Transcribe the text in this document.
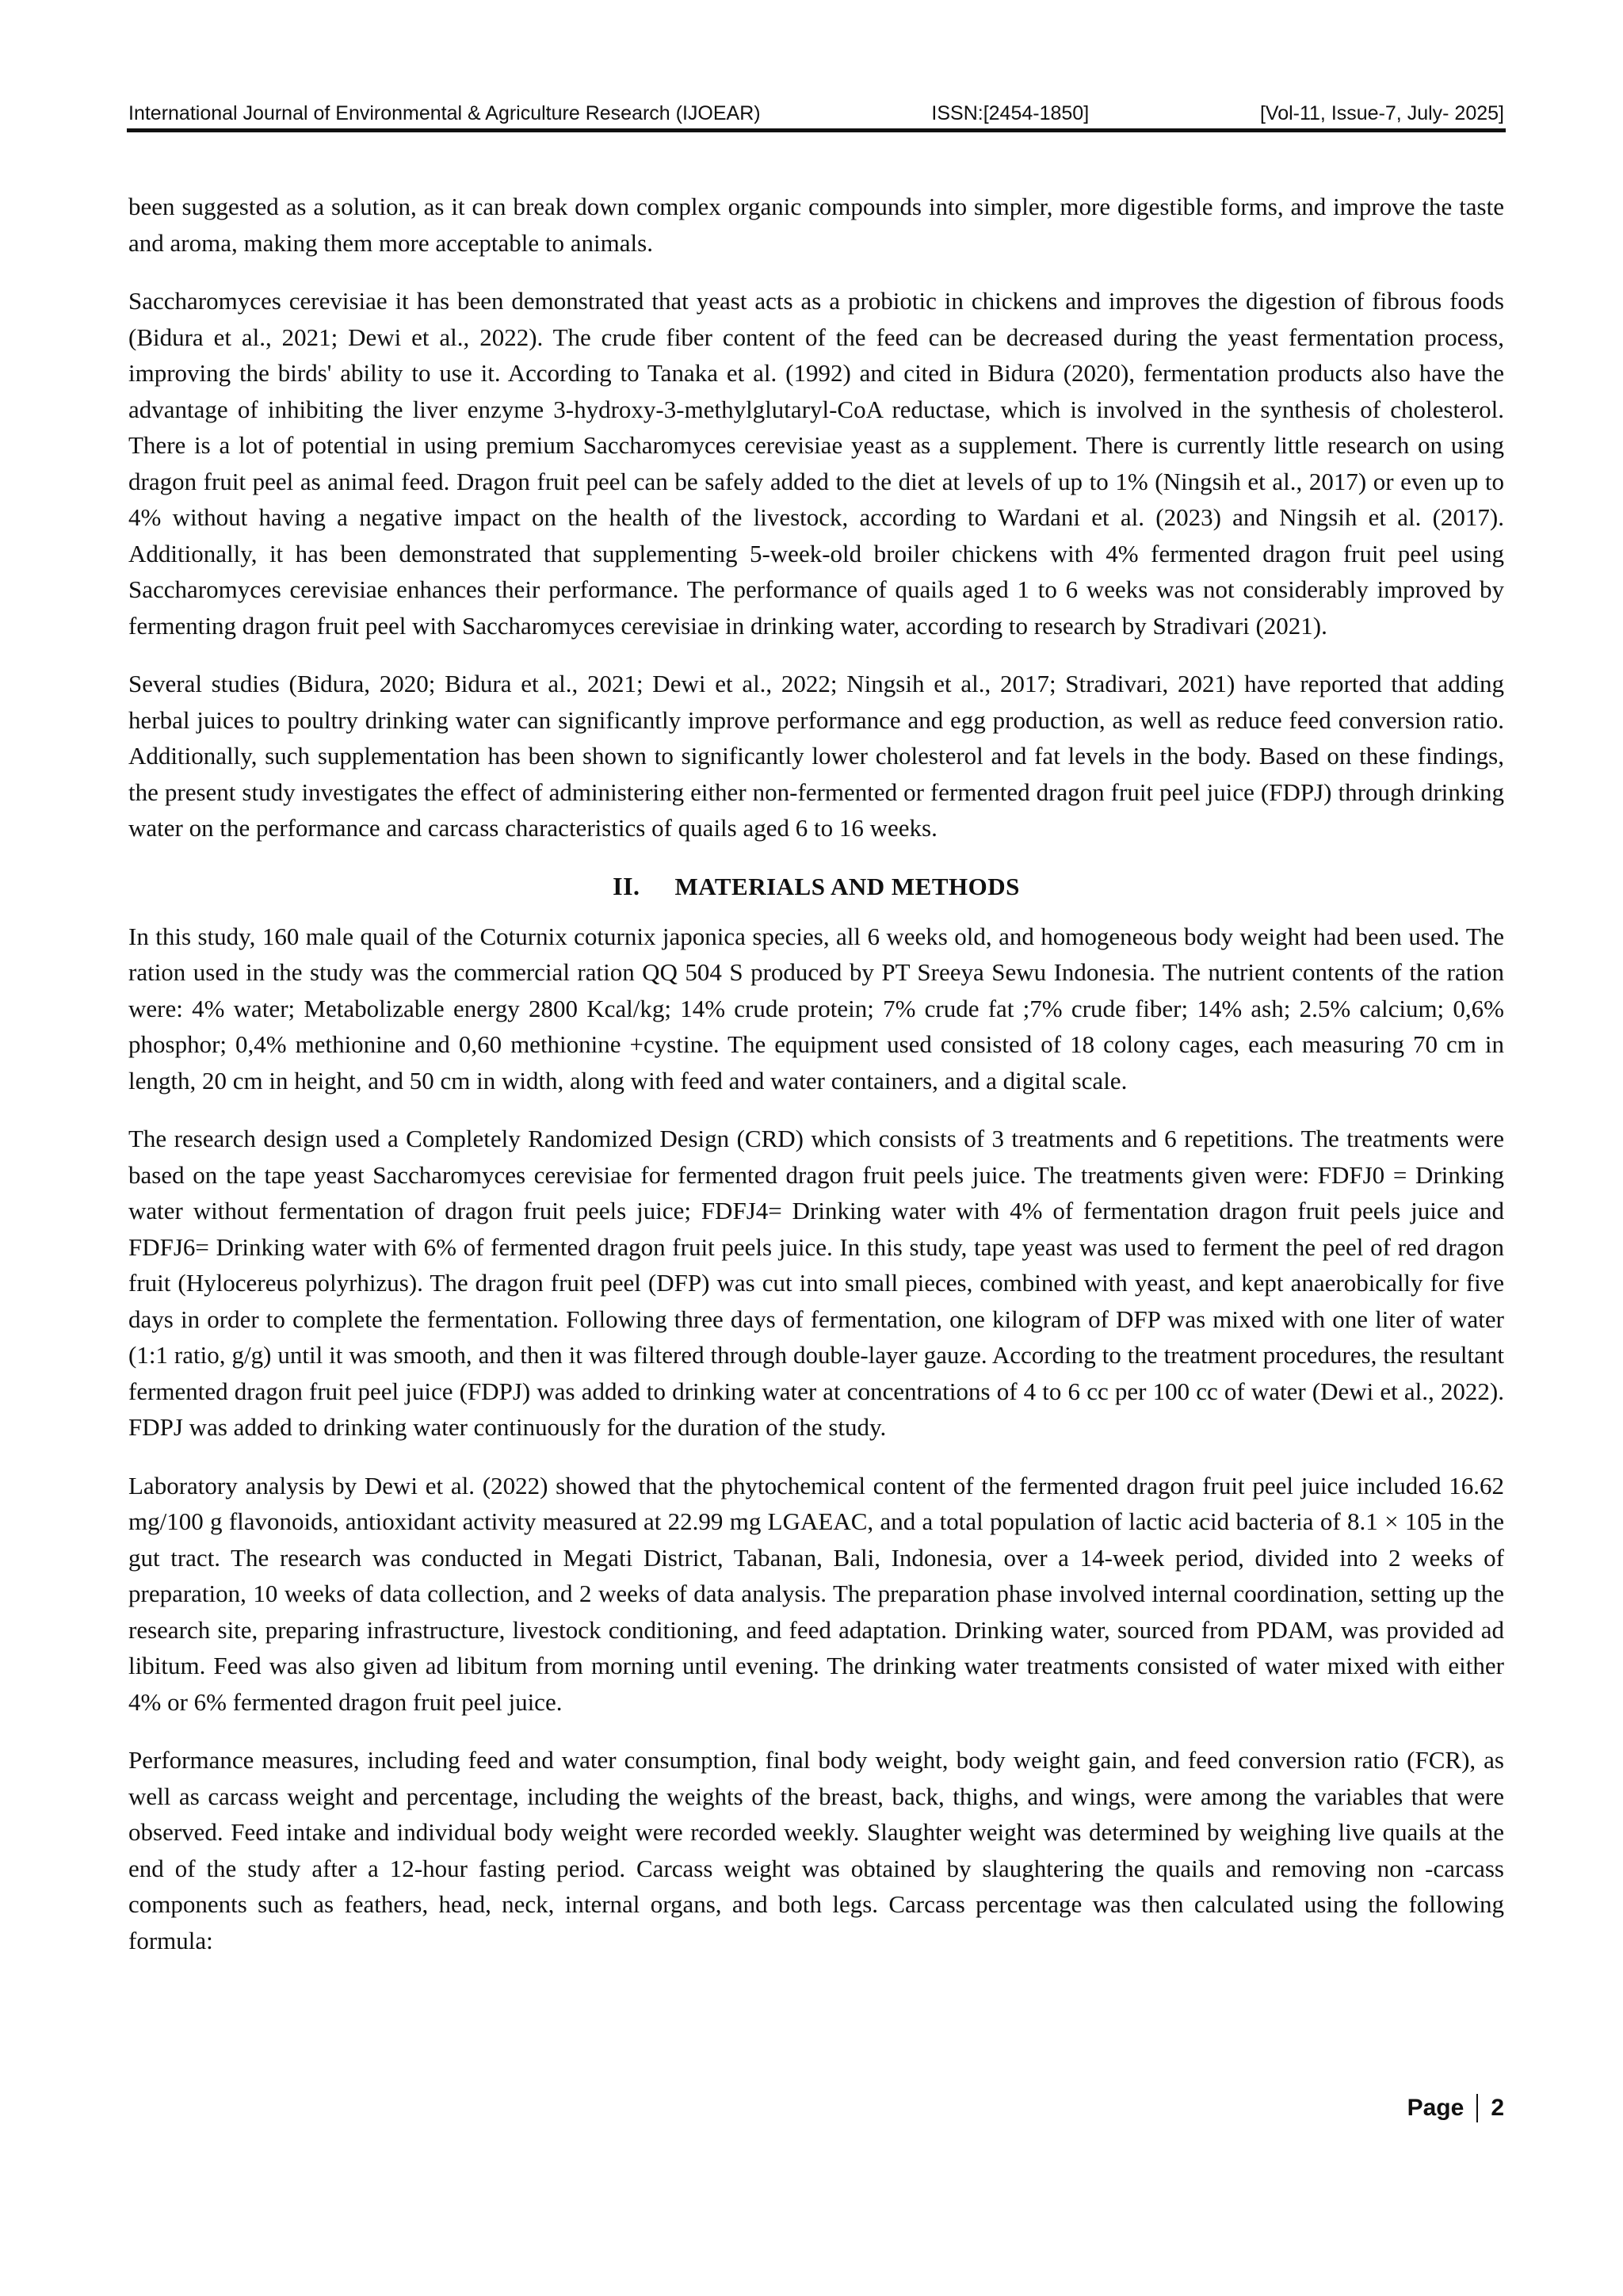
International Journal of Environmental & Agriculture Research (IJOEAR)	ISSN:[2454-1850]	[Vol-11, Issue-7, July- 2025]

been suggested as a solution, as it can break down complex organic compounds into simpler, more digestible forms, and improve the taste and aroma, making them more acceptable to animals.

Saccharomyces cerevisiae it has been demonstrated that yeast acts as a probiotic in chickens and improves the digestion of fibrous foods (Bidura et al., 2021; Dewi et al., 2022). The crude fiber content of the feed can be decreased during the yeast fermentation process, improving the birds' ability to use it. According to Tanaka et al. (1992) and cited in Bidura (2020), fermentation products also have the advantage of inhibiting the liver enzyme 3-hydroxy-3-methylglutaryl-CoA reductase, which is involved in the synthesis of cholesterol. There is a lot of potential in using premium Saccharomyces cerevisiae yeast as a supplement. There is currently little research on using dragon fruit peel as animal feed. Dragon fruit peel can be safely added to the diet at levels of up to 1% (Ningsih et al., 2017) or even up to 4% without having a negative impact on the health of the livestock, according to Wardani et al. (2023) and Ningsih et al. (2017). Additionally, it has been demonstrated that supplementing 5-week-old broiler chickens with 4% fermented dragon fruit peel using Saccharomyces cerevisiae enhances their performance. The performance of quails aged 1 to 6 weeks was not considerably improved by fermenting dragon fruit peel with Saccharomyces cerevisiae in drinking water, according to research by Stradivari (2021).

Several studies (Bidura, 2020; Bidura et al., 2021; Dewi et al., 2022; Ningsih et al., 2017; Stradivari, 2021) have reported that adding herbal juices to poultry drinking water can significantly improve performance and egg production, as well as reduce feed conversion ratio. Additionally, such supplementation has been shown to significantly lower cholesterol and fat levels in the body. Based on these findings, the present study investigates the effect of administering either non-fermented or fermented dragon fruit peel juice (FDPJ) through drinking water on the performance and carcass characteristics of quails aged 6 to 16 weeks.

II. MATERIALS AND METHODS

In this study, 160 male quail of the Coturnix coturnix japonica species, all 6 weeks old, and homogeneous body weight had been used. The ration used in the study was the commercial ration QQ 504 S produced by PT Sreeya Sewu Indonesia. The nutrient contents of the ration were: 4% water; Metabolizable energy 2800 Kcal/kg; 14% crude protein; 7% crude fat ;7% crude fiber; 14% ash; 2.5% calcium; 0,6% phosphor; 0,4% methionine and 0,60 methionine +cystine. The equipment used consisted of 18 colony cages, each measuring 70 cm in length, 20 cm in height, and 50 cm in width, along with feed and water containers, and a digital scale.

The research design used a Completely Randomized Design (CRD) which consists of 3 treatments and 6 repetitions. The treatments were based on the tape yeast Saccharomyces cerevisiae for fermented dragon fruit peels juice. The treatments given were: FDFJ0 = Drinking water without fermentation of dragon fruit peels juice; FDFJ4= Drinking water with 4% of fermentation dragon fruit peels juice and FDFJ6= Drinking water with 6% of fermented dragon fruit peels juice. In this study, tape yeast was used to ferment the peel of red dragon fruit (Hylocereus polyrhizus). The dragon fruit peel (DFP) was cut into small pieces, combined with yeast, and kept anaerobically for five days in order to complete the fermentation. Following three days of fermentation, one kilogram of DFP was mixed with one liter of water (1:1 ratio, g/g) until it was smooth, and then it was filtered through double-layer gauze. According to the treatment procedures, the resultant fermented dragon fruit peel juice (FDPJ) was added to drinking water at concentrations of 4 to 6 cc per 100 cc of water (Dewi et al., 2022). FDPJ was added to drinking water continuously for the duration of the study.

Laboratory analysis by Dewi et al. (2022) showed that the phytochemical content of the fermented dragon fruit peel juice included 16.62 mg/100 g flavonoids, antioxidant activity measured at 22.99 mg LGAEAC, and a total population of lactic acid bacteria of 8.1 × 105 in the gut tract. The research was conducted in Megati District, Tabanan, Bali, Indonesia, over a 14-week period, divided into 2 weeks of preparation, 10 weeks of data collection, and 2 weeks of data analysis. The preparation phase involved internal coordination, setting up the research site, preparing infrastructure, livestock conditioning, and feed adaptation. Drinking water, sourced from PDAM, was provided ad libitum. Feed was also given ad libitum from morning until evening. The drinking water treatments consisted of water mixed with either 4% or 6% fermented dragon fruit peel juice.

Performance measures, including feed and water consumption, final body weight, body weight gain, and feed conversion ratio (FCR), as well as carcass weight and percentage, including the weights of the breast, back, thighs, and wings, were among the variables that were observed. Feed intake and individual body weight were recorded weekly. Slaughter weight was determined by weighing live quails at the end of the study after a 12-hour fasting period. Carcass weight was obtained by slaughtering the quails and removing non -carcass components such as feathers, head, neck, internal organs, and both legs. Carcass percentage was then calculated using the following formula:

Page 2
